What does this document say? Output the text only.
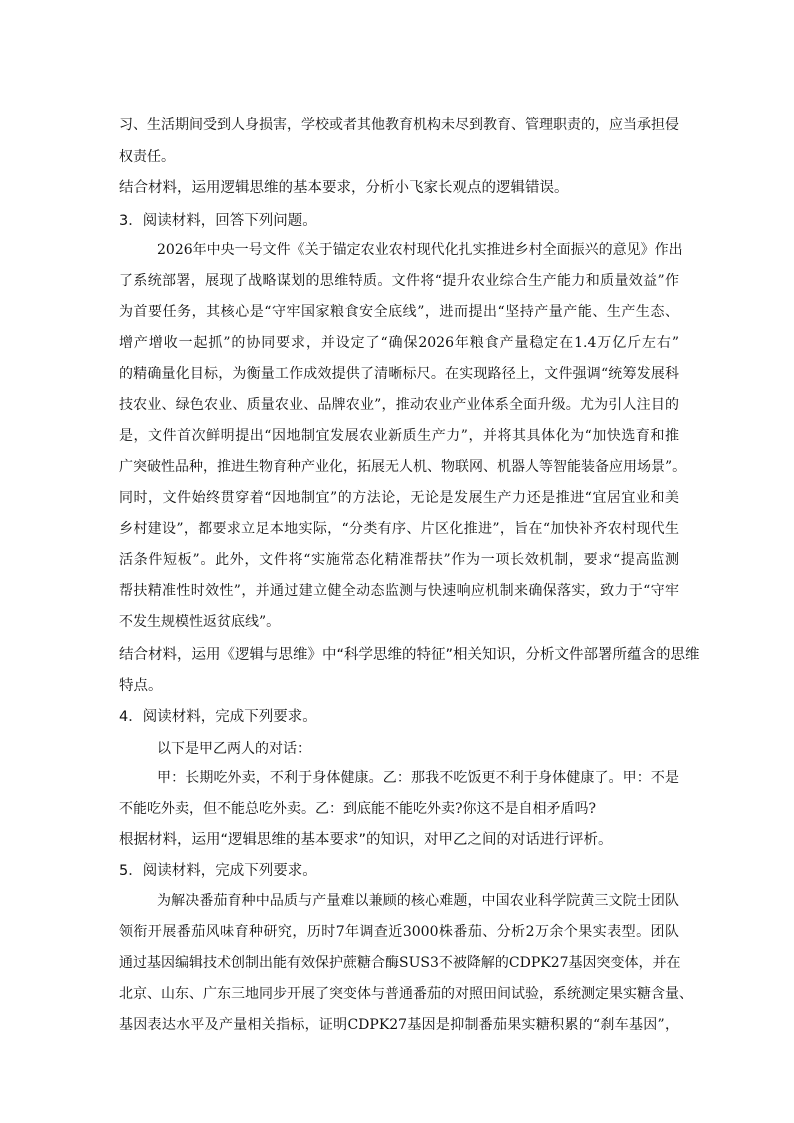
习、生活期间受到人身损害，学校或者其他教育机构未尽到教育、管理职责的，应当承担侵
权责任。
结合材料，运用逻辑思维的基本要求，分析小飞家长观点的逻辑错误。
3．阅读材料，回答下列问题。
2026年中央一号文件《关于锚定农业农村现代化扎实推进乡村全面振兴的意见》作出
了系统部署，展现了战略谋划的思维特质。文件将“提升农业综合生产能力和质量效益”作
为首要任务，其核心是“守牢国家粮食安全底线”，进而提出“坚持产量产能、生产生态、
增产增收一起抓”的协同要求，并设定了“确保2026年粮食产量稳定在1.4万亿斤左右”
的精确量化目标，为衡量工作成效提供了清晰标尺。在实现路径上，文件强调“统筹发展科
技农业、绿色农业、质量农业、品牌农业”，推动农业产业体系全面升级。尤为引人注目的
是，文件首次鲜明提出“因地制宜发展农业新质生产力”，并将其具体化为“加快选育和推
广突破性品种，推进生物育种产业化，拓展无人机、物联网、机器人等智能装备应用场景”。
同时，文件始终贯穿着“因地制宜”的方法论，无论是发展生产力还是推进“宜居宜业和美
乡村建设”，都要求立足本地实际，“分类有序、片区化推进”，旨在“加快补齐农村现代生
活条件短板”。此外，文件将“实施常态化精准帮扶”作为一项长效机制，要求“提高监测
帮扶精准性时效性”，并通过建立健全动态监测与快速响应机制来确保落实，致力于“守牢
不发生规模性返贫底线”。
结合材料，运用《逻辑与思维》中“科学思维的特征”相关知识，分析文件部署所蕴含的思维
特点。
4．阅读材料，完成下列要求。
以下是甲乙两人的对话：
甲：长期吃外卖，不利于身体健康。乙：那我不吃饭更不利于身体健康了。甲：不是
不能吃外卖，但不能总吃外卖。乙：到底能不能吃外卖?你这不是自相矛盾吗?
根据材料，运用“逻辑思维的基本要求”的知识，对甲乙之间的对话进行评析。
5．阅读材料，完成下列要求。
为解决番茄育种中品质与产量难以兼顾的核心难题，中国农业科学院黄三文院士团队
领衔开展番茄风味育种研究，历时7年调查近3000株番茄、分析2万余个果实表型。团队
通过基因编辑技术创制出能有效保护蔗糖合酶SUS3不被降解的CDPK27基因突变体，并在
北京、山东、广东三地同步开展了突变体与普通番茄的对照田间试验，系统测定果实糖含量、
基因表达水平及产量相关指标，证明CDPK27基因是抑制番茄果实糖积累的“刹车基因”，
